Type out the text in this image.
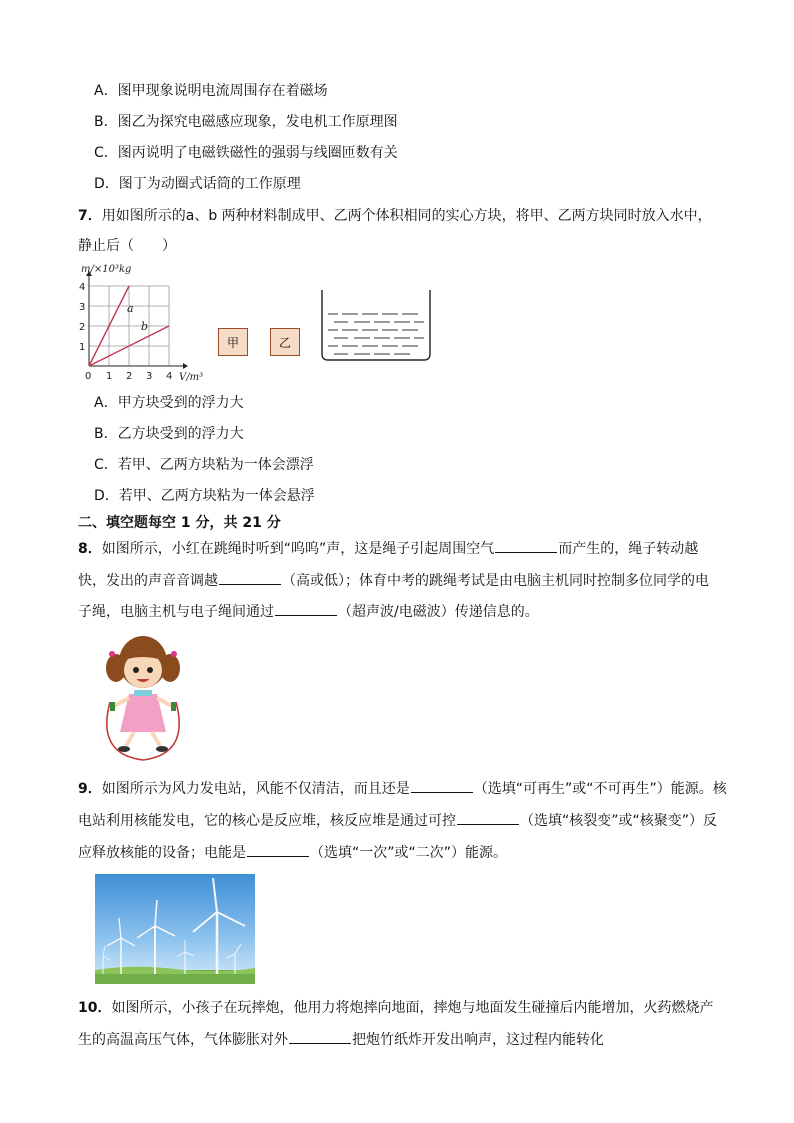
A．图甲现象说明电流周围存在着磁场
B．图乙为探究电磁感应现象，发电机工作原理图
C．图丙说明了电磁铁磁性的强弱与线圈匝数有关
D．图丁为动圈式话筒的工作原理
7．用如图所示的a、b 两种材料制成甲、乙两个体积相同的实心方块，将甲、乙两方块同时放入水中，
静止后（　　）
a
b
0 1 2 3 4
1
2
3
4
m/×10³kg
V/m³
甲	乙
A．甲方块受到的浮力大
B．乙方块受到的浮力大
C．若甲、乙两方块粘为一体会漂浮
D．若甲、乙两方块粘为一体会悬浮
二、填空题每空 1 分，共 21 分
8．如图所示，小红在跳绳时听到“呜呜”声，这是绳子引起周围空气	而产生的，绳子转动越
快，发出的声音音调越	（高或低）；体育中考的跳绳考试是由电脑主机同时控制多位同学的电
子绳，电脑主机与电子绳间通过	（超声波/电磁波）传递信息的。
9．如图所示为风力发电站，风能不仅清洁，而且还是	（选填“可再生”或“不可再生”）能源。核
电站利用核能发电，它的核心是反应堆，核反应堆是通过可控	（选填“核裂变”或“核聚变”）反
应释放核能的设备；电能是	（选填“一次”或“二次”）能源。
10．如图所示，小孩子在玩摔炮，他用力将炮摔向地面，摔炮与地面发生碰撞后内能增加，火药燃烧产
生的高温高压气体，气体膨胀对外	把炮竹纸炸开发出响声，这过程内能转化
